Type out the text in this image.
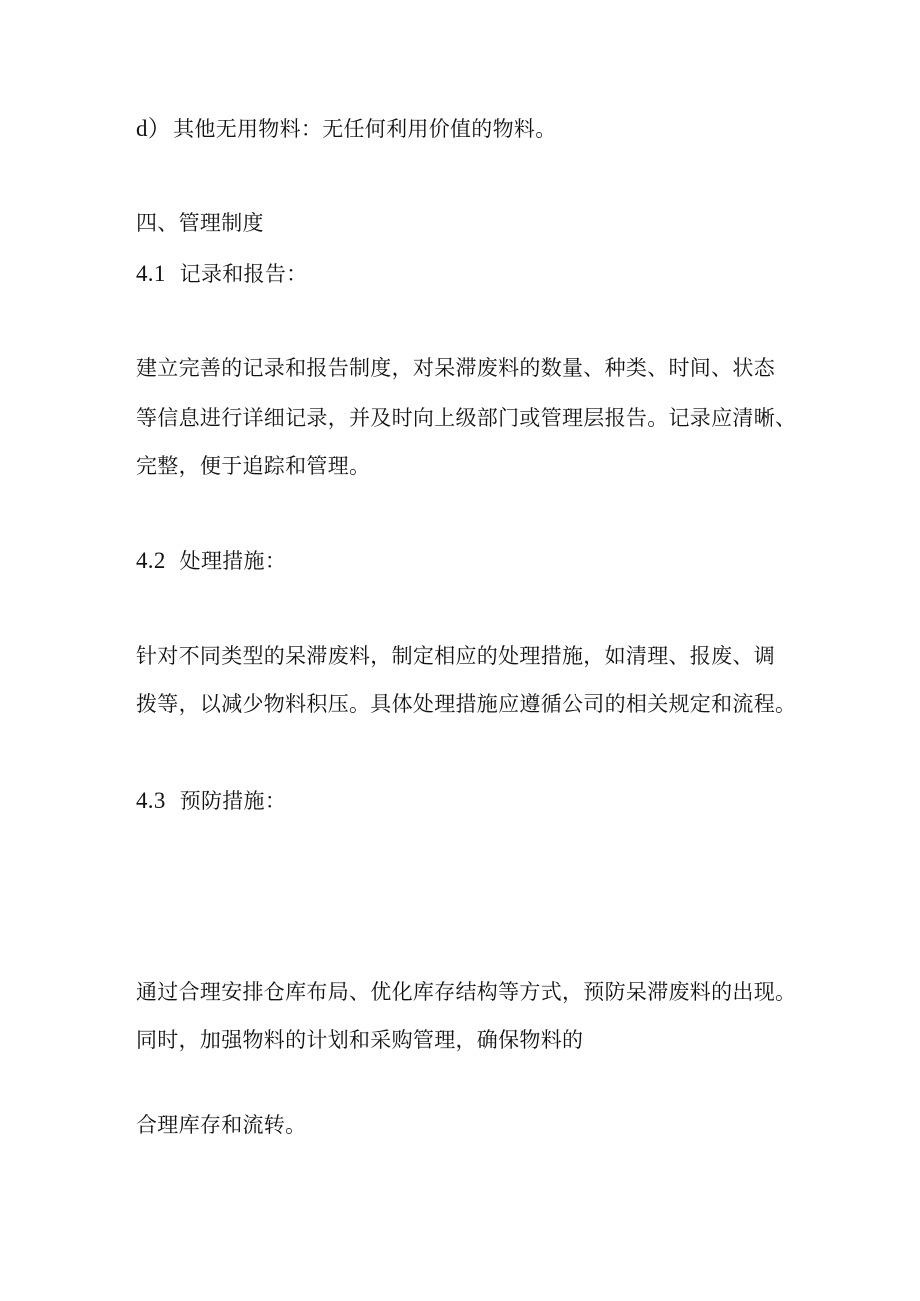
d）其他无用物料：无任何利用价值的物料。
四、管理制度
4.1 记录和报告：
建立完善的记录和报告制度，对呆滞废料的数量、种类、时间、状态
等信息进行详细记录，并及时向上级部门或管理层报告。记录应清晰、
完整，便于追踪和管理。
4.2 处理措施：
针对不同类型的呆滞废料，制定相应的处理措施，如清理、报废、调
拨等，以减少物料积压。具体处理措施应遵循公司的相关规定和流程。
4.3 预防措施：
通过合理安排仓库布局、优化库存结构等方式，预防呆滞废料的出现。
同时，加强物料的计划和采购管理，确保物料的
合理库存和流转。
